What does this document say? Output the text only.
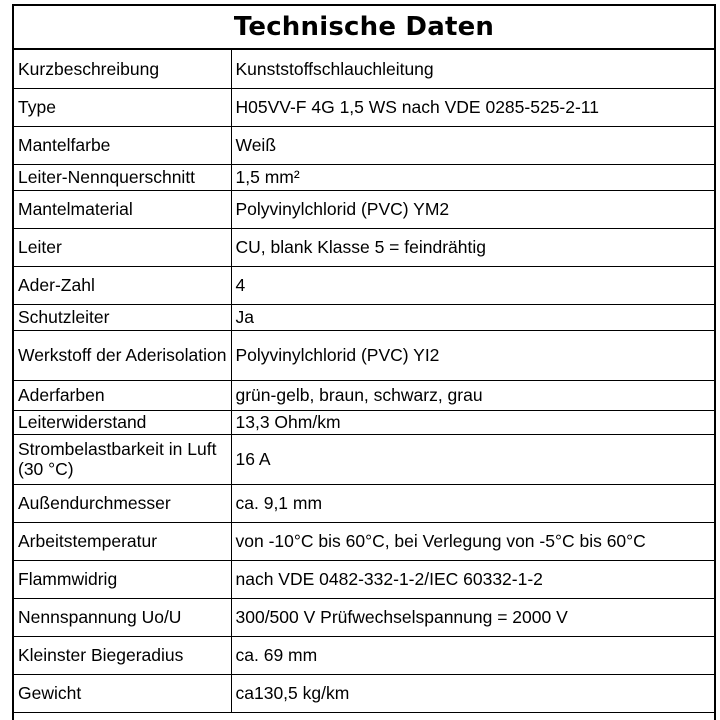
Technische Daten
Kurzbeschreibung	Kunststoffschlauchleitung
Type	H05VV-F 4G 1,5 WS nach VDE 0285-525-2-11
Mantelfarbe	Weiß
Leiter-Nennquerschnitt	1,5 mm²
Mantelmaterial	Polyvinylchlorid (PVC) YM2
Leiter	CU, blank Klasse 5 = feindrähtig
Ader-Zahl	4
Schutzleiter	Ja
Werkstoff der Aderisolation	Polyvinylchlorid (PVC) YI2
Aderfarben	grün-gelb, braun, schwarz, grau
Leiterwiderstand	13,3 Ohm/km
Strombelastbarkeit in Luft (30 °C)	16 A
Außendurchmesser	ca. 9,1 mm
Arbeitstemperatur	von -10°C bis 60°C, bei Verlegung von -5°C bis 60°C
Flammwidrig	nach VDE 0482-332-1-2/IEC 60332-1-2
Nennspannung Uo/U	300/500 V Prüfwechselspannung = 2000 V
Kleinster Biegeradius	ca. 69 mm
Gewicht	ca130,5 kg/km
